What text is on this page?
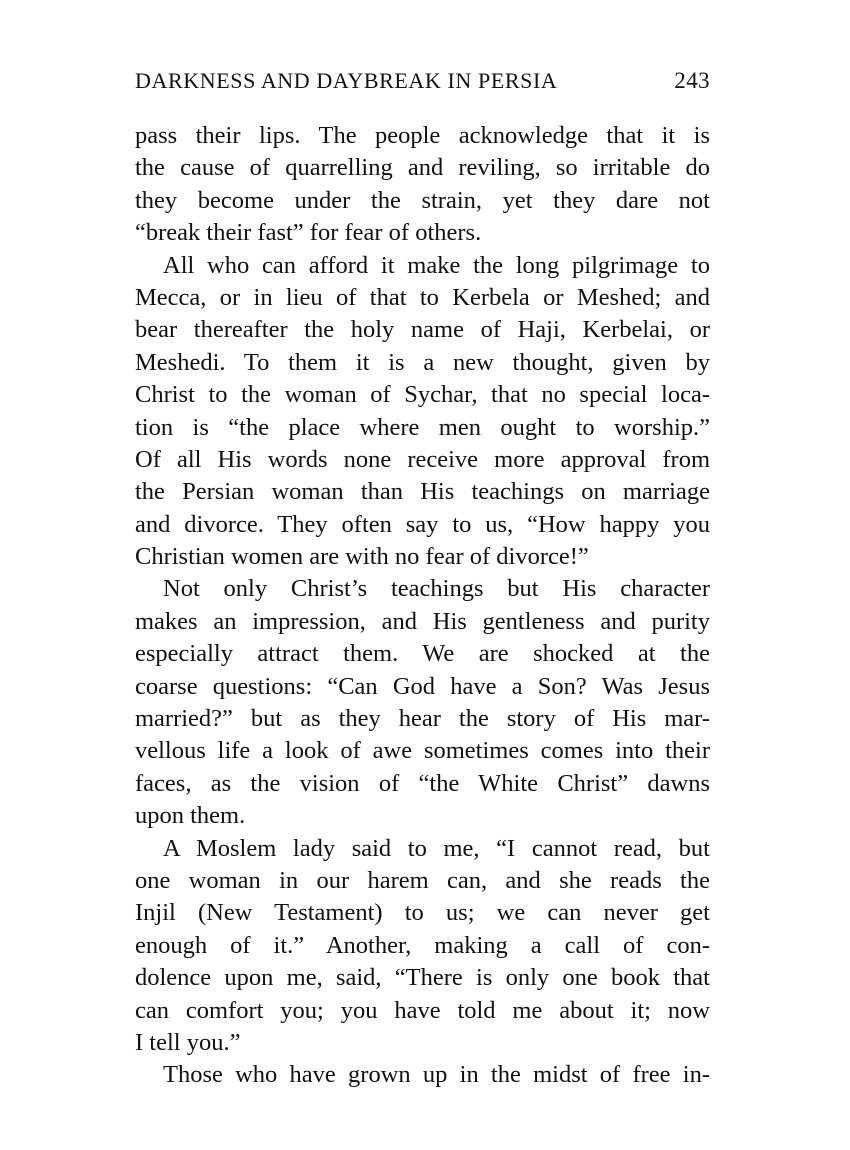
DARKNESS AND DAYBREAK IN PERSIA	243
pass their lips. The people acknowledge that it is
the cause of quarrelling and reviling, so irritable do
they become under the strain, yet they dare not
“break their fast” for fear of others.
All who can afford it make the long pilgrimage to
Mecca, or in lieu of that to Kerbela or Meshed; and
bear thereafter the holy name of Haji, Kerbelai, or
Meshedi. To them it is a new thought, given by
Christ to the woman of Sychar, that no special loca-
tion is “the place where men ought to worship.”
Of all His words none receive more approval from
the Persian woman than His teachings on marriage
and divorce. They often say to us, “How happy you
Christian women are with no fear of divorce!”
Not only Christ’s teachings but His character
makes an impression, and His gentleness and purity
especially attract them. We are shocked at the
coarse questions: “Can God have a Son? Was Jesus
married?” but as they hear the story of His mar-
vellous life a look of awe sometimes comes into their
faces, as the vision of “the White Christ” dawns
upon them.
A Moslem lady said to me, “I cannot read, but
one woman in our harem can, and she reads the
Injil (New Testament) to us; we can never get
enough of it.” Another, making a call of con-
dolence upon me, said, “There is only one book that
can comfort you; you have told me about it; now
I tell you.”
Those who have grown up in the midst of free in-
